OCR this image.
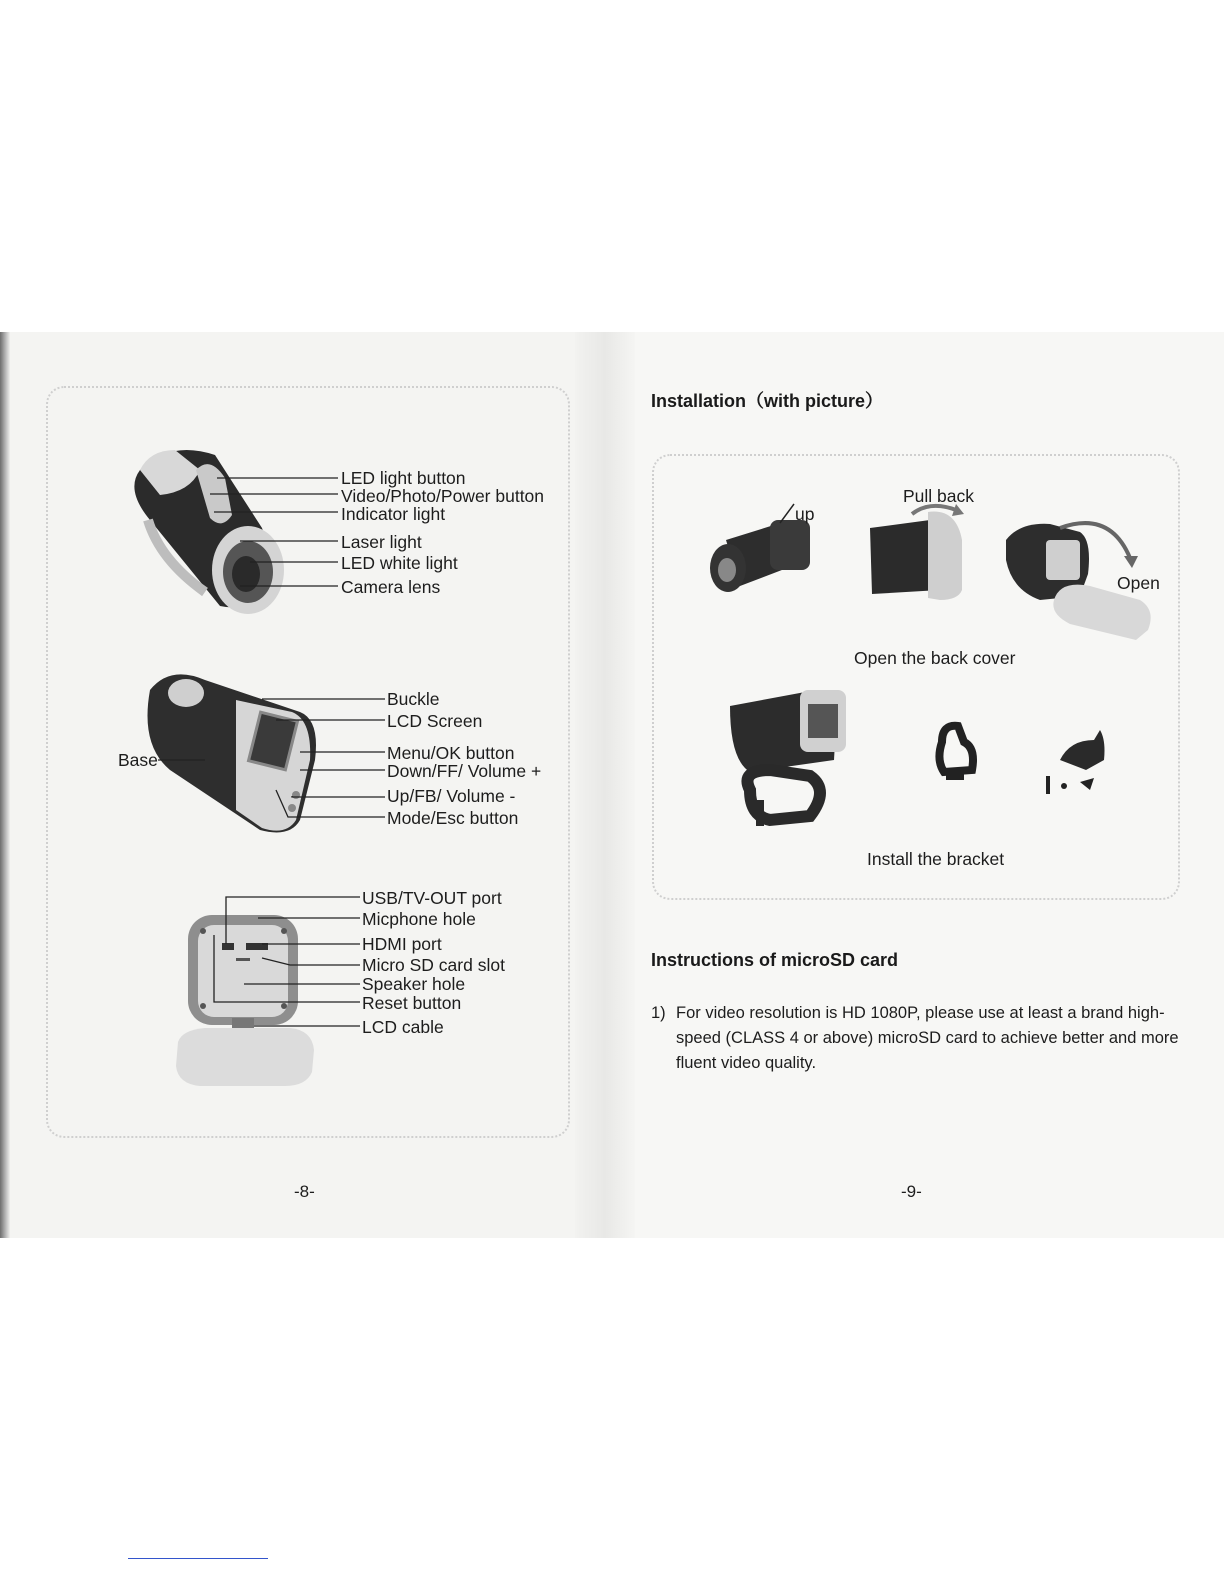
LED light button
Video/Photo/Power button
Indicator light
Laser light
LED white light
Camera lens
Buckle
LCD Screen
Menu/OK button
Down/FF/ Volume +
Up/FB/ Volume -
Mode/Esc button
Base
USB/TV-OUT port
Micphone hole
HDMI port
Micro SD card slot
Speaker hole
Reset button
LCD cable
-8-
Installation（with picture）
up
Pull back
Open
Open the back cover
Install the bracket
Instructions of microSD card
1) For video resolution is HD 1080P, please use at least a brand high-speed (CLASS 4 or above) microSD card to achieve better and more fluent video quality.
-9-
